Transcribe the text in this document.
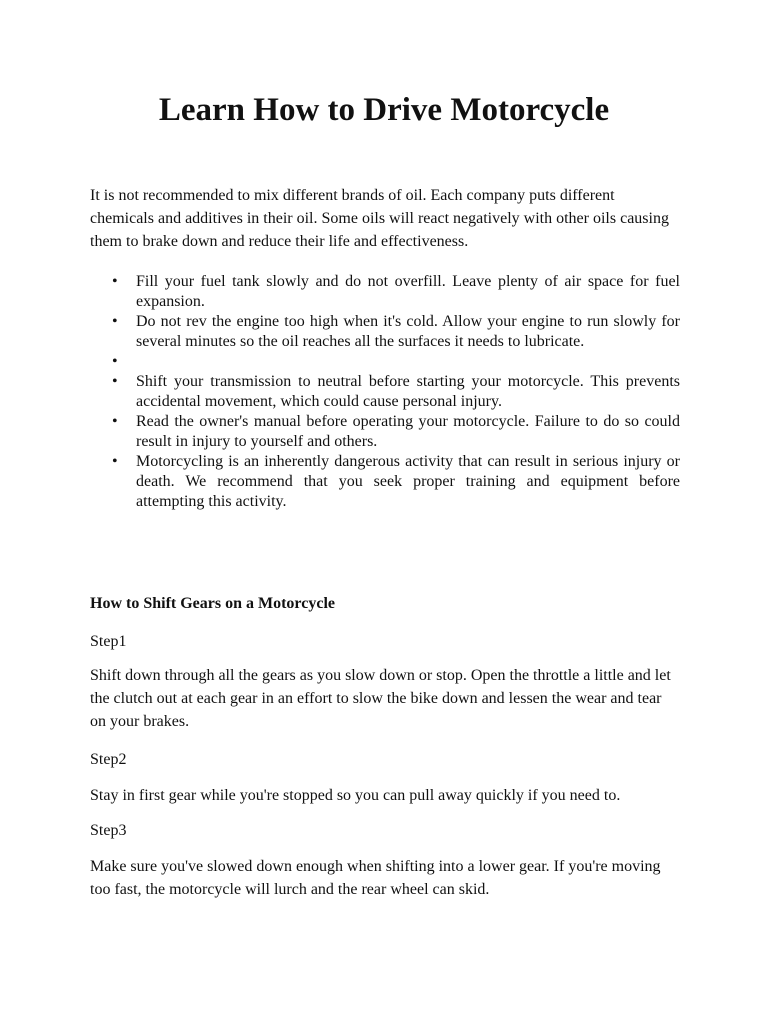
Learn How to Drive Motorcycle

It is not recommended to mix different brands of oil. Each company puts different chemicals and additives in their oil. Some oils will react negatively with other oils causing them to brake down and reduce their life and effectiveness.

• Fill your fuel tank slowly and do not overfill. Leave plenty of air space for fuel expansion.
• Do not rev the engine too high when it's cold. Allow your engine to run slowly for several minutes so the oil reaches all the surfaces it needs to lubricate.
•
• Shift your transmission to neutral before starting your motorcycle. This prevents accidental movement, which could cause personal injury.
• Read the owner's manual before operating your motorcycle. Failure to do so could result in injury to yourself and others.
• Motorcycling is an inherently dangerous activity that can result in serious injury or death. We recommend that you seek proper training and equipment before attempting this activity.
How to Shift Gears on a Motorcycle

Step1

Shift down through all the gears as you slow down or stop. Open the throttle a little and let the clutch out at each gear in an effort to slow the bike down and lessen the wear and tear on your brakes.

Step2

Stay in first gear while you're stopped so you can pull away quickly if you need to.

Step3

Make sure you've slowed down enough when shifting into a lower gear. If you're moving too fast, the motorcycle will lurch and the rear wheel can skid.
